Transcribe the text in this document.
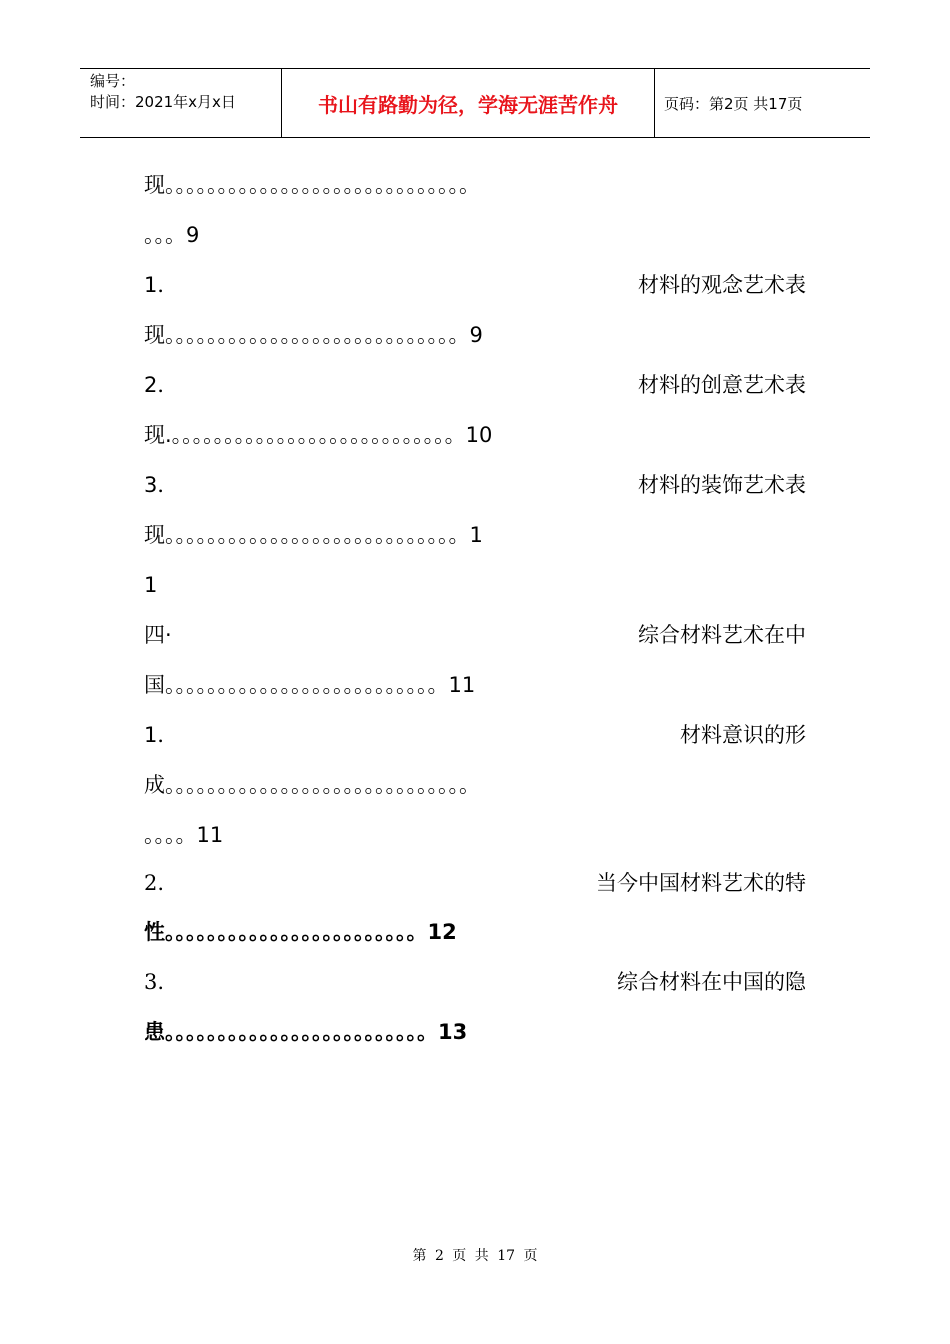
编号：
时间：2021年x月x日	书山有路勤为径，学海无涯苦作舟	页码：第2页 共17页
现。。。。。。。。。。。。。。。。。。。。。。。。。。。。。
。。。9
1 ．	材 料 的 观 念 艺 术 表
现。。。。。。。。。。。。。。。。。。。。。。。。。。。。9
2 ．	材 料 的 创 意 艺 术 表
现.。。。。。。。。。。。。。。。。。。。。。。。。。。。10
3 ．	材 料 的 装 饰 艺 术 表
现。。。。。。。。。。。。。。。。。。。。。。。。。。。。1
1
四 ·	综 合 材 料 艺 术 在 中
国。。。。。。。。。。。。。。。。。。。。。。。。。。11
1 ．	材 料 意 识 的 形
成。。。。。。。。。。。。。。。。。。。。。。。。。。。。。
。。。。11
2.	当 今 中 国 材 料 艺 术 的 特
性。。。。。。。。。。。。。。。。。。。。。。。。12
3.	综 合 材 料 在 中 国 的 隐
患。。。。。。。。。。。。。。。。。。。。。。。。。13
第 2 页 共 17 页
